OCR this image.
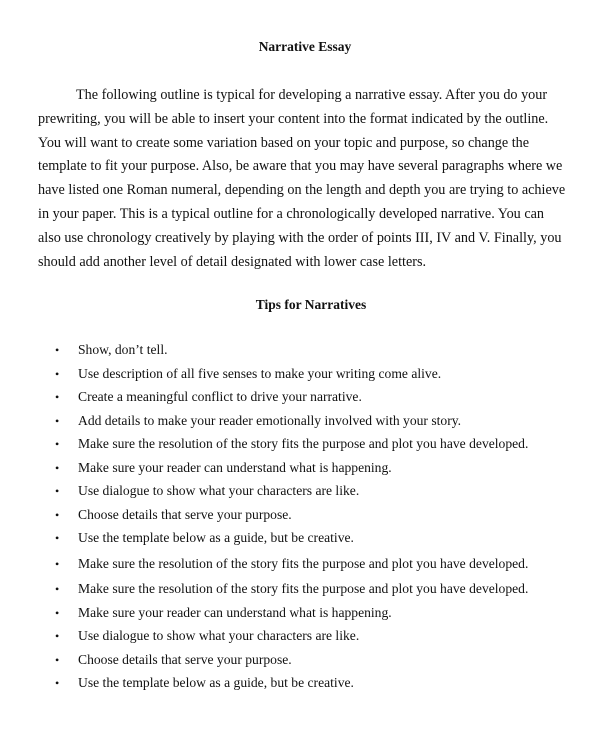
Narrative Essay

The following outline is typical for developing a narrative essay. After you do your prewriting, you will be able to insert your content into the format indicated by the outline. You will want to create some variation based on your topic and purpose, so change the template to fit your purpose. Also, be aware that you may have several paragraphs where we have listed one Roman numeral, depending on the length and depth you are trying to achieve in your paper. This is a typical outline for a chronologically developed narrative. You can also use chronology creatively by playing with the order of points III, IV and V. Finally, you should add another level of detail designated with lower case letters.

Tips for Narratives
• Show, don’t tell.
• Use description of all five senses to make your writing come alive.
• Create a meaningful conflict to drive your narrative.
• Add details to make your reader emotionally involved with your story.
• Make sure the resolution of the story fits the purpose and plot you have developed.
• Make sure your reader can understand what is happening.
• Use dialogue to show what your characters are like.
• Choose details that serve your purpose.
• Use the template below as a guide, but be creative.
• Make sure the resolution of the story fits the purpose and plot you have developed.
• Make sure the resolution of the story fits the purpose and plot you have developed.
• Make sure your reader can understand what is happening.
• Use dialogue to show what your characters are like.
• Choose details that serve your purpose.
• Use the template below as a guide, but be creative.
